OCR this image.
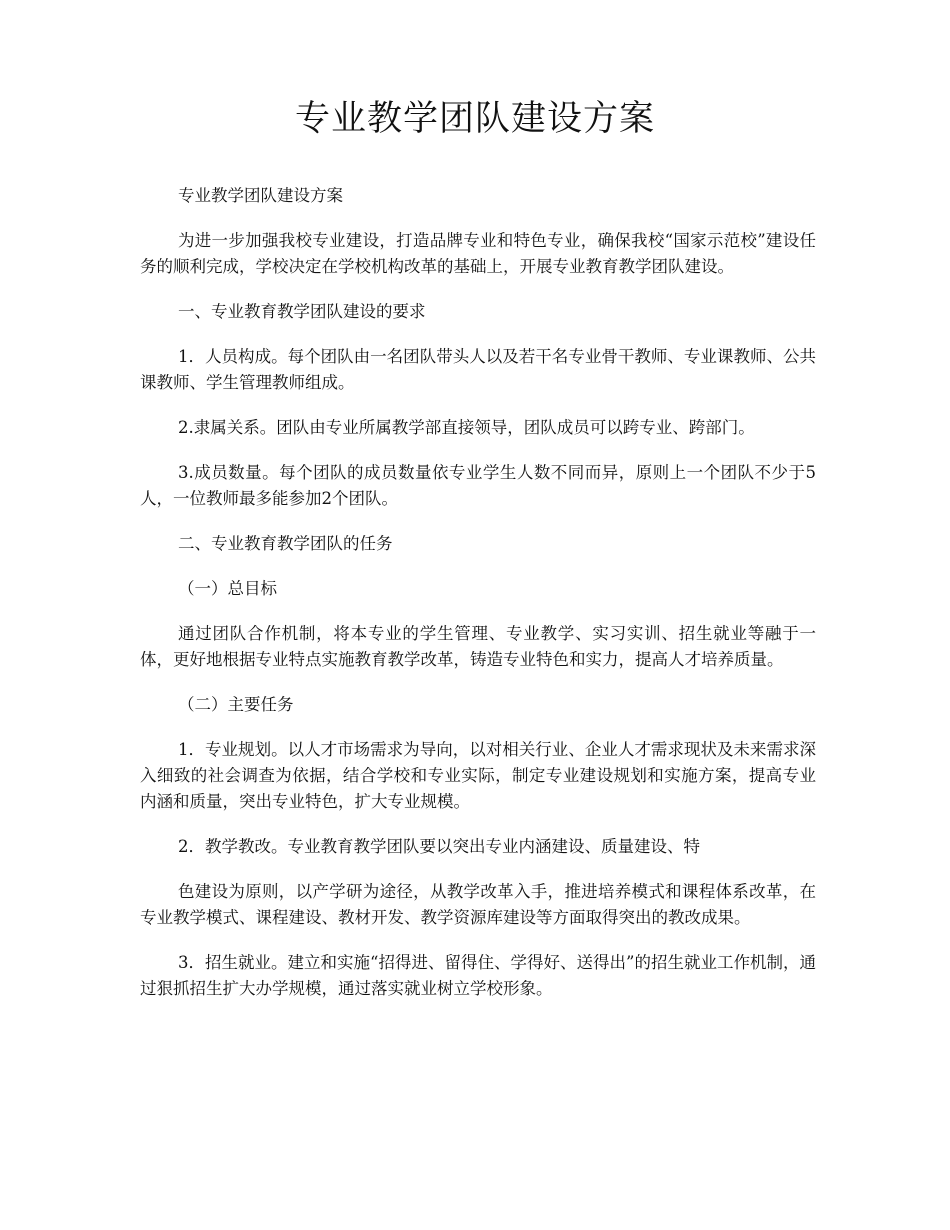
专业教学团队建设方案

专业教学团队建设方案

为进一步加强我校专业建设，打造品牌专业和特色专业，确保我校“国家示范校”建设任务的顺利完成，学校决定在学校机构改革的基础上，开展专业教育教学团队建设。

一、专业教育教学团队建设的要求

1．人员构成。每个团队由一名团队带头人以及若干名专业骨干教师、专业课教师、公共课教师、学生管理教师组成。

2.隶属关系。团队由专业所属教学部直接领导，团队成员可以跨专业、跨部门。

3.成员数量。每个团队的成员数量依专业学生人数不同而异，原则上一个团队不少于5人，一位教师最多能参加2个团队。

二、专业教育教学团队的任务

（一）总目标

通过团队合作机制，将本专业的学生管理、专业教学、实习实训、招生就业等融于一体，更好地根据专业特点实施教育教学改革，铸造专业特色和实力，提高人才培养质量。

（二）主要任务

1．专业规划。以人才市场需求为导向，以对相关行业、企业人才需求现状及未来需求深入细致的社会调查为依据，结合学校和专业实际，制定专业建设规划和实施方案，提高专业内涵和质量，突出专业特色，扩大专业规模。

2．教学教改。专业教育教学团队要以突出专业内涵建设、质量建设、特

色建设为原则，以产学研为途径，从教学改革入手，推进培养模式和课程体系改革，在专业教学模式、课程建设、教材开发、教学资源库建设等方面取得突出的教改成果。

3．招生就业。建立和实施“招得进、留得住、学得好、送得出”的招生就业工作机制，通过狠抓招生扩大办学规模，通过落实就业树立学校形象。
